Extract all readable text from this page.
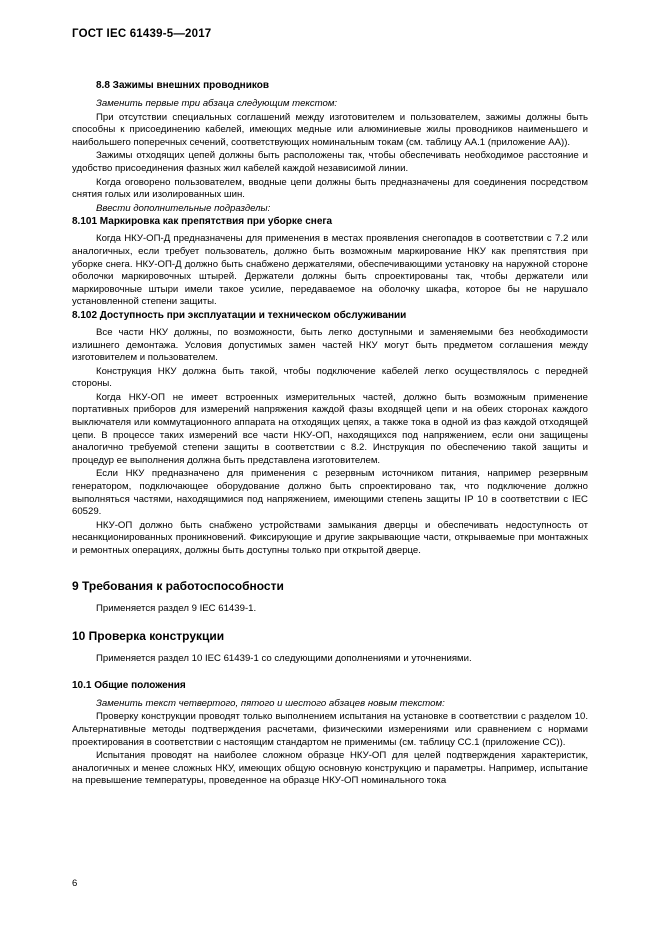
ГОСТ IEC 61439-5—2017
8.8 Зажимы внешних проводников

Заменить первые три абзаца следующим текстом:

При отсутствии специальных соглашений между изготовителем и пользователем, зажимы должны быть способны к присоединению кабелей, имеющих медные или алюминиевые жилы проводников наименьшего и наибольшего поперечных сечений, соответствующих номинальным токам (см. таблицу АА.1 (приложение АА)).

Зажимы отходящих цепей должны быть расположены так, чтобы обеспечивать необходимое расстояние и удобство присоединения фазных жил кабелей каждой независимой линии.

Когда оговорено пользователем, вводные цепи должны быть предназначены для соединения посредством снятия голых или изолированных шин.

Ввести дополнительные подразделы:

8.101 Маркировка как препятствия при уборке снега

Когда НКУ-ОП-Д предназначены для применения в местах проявления снегопадов в соответствии с 7.2 или аналогичных, если требует пользователь, должно быть возможным маркирование НКУ как препятствия при уборке снега. НКУ-ОП-Д должно быть снабжено держателями, обеспечивающими установку на наружной стороне оболочки маркировочных штырей. Держатели должны быть спроектированы так, чтобы держатели или маркировочные штыри имели такое усилие, передаваемое на оболочку шкафа, которое бы не нарушало установленной степени защиты.

8.102 Доступность при эксплуатации и техническом обслуживании

Все части НКУ должны, по возможности, быть легко доступными и заменяемыми без необходимости излишнего демонтажа. Условия допустимых замен частей НКУ могут быть предметом соглашения между изготовителем и пользователем.

Конструкция НКУ должна быть такой, чтобы подключение кабелей легко осуществлялось с передней стороны.

Когда НКУ-ОП не имеет встроенных измерительных частей, должно быть возможным применение портативных приборов для измерений напряжения каждой фазы входящей цепи и на обеих сторонах каждого выключателя или коммутационного аппарата на отходящих цепях, а также тока в одной из фаз каждой отходящей цепи. В процессе таких измерений все части НКУ-ОП, находящихся под напряжением, если они защищены аналогично требуемой степени защиты в соответствии с 8.2. Инструкция по обеспечению такой защиты и процедур ее выполнения должна быть представлена изготовителем.

Если НКУ предназначено для применения с резервным источником питания, например резервным генератором, подключающее оборудование должно быть спроектировано так, что подключение должно выполняться частями, находящимися под напряжением, имеющими степень защиты IP 10 в соответствии с IEC 60529.

НКУ-ОП должно быть снабжено устройствами замыкания дверцы и обеспечивать недоступность от несанкционированных проникновений. Фиксирующие и другие закрывающие части, открываемые при монтажных и ремонтных операциях, должны быть доступны только при открытой дверце.

9 Требования к работоспособности

Применяется раздел 9 IEC 61439-1.

10 Проверка конструкции

Применяется раздел 10 IEC 61439-1 со следующими дополнениями и уточнениями.

10.1 Общие положения

Заменить текст четвертого, пятого и шестого абзацев новым текстом:

Проверку конструкции проводят только выполнением испытания на установке в соответствии с разделом 10. Альтернативные методы подтверждения расчетами, физическими измерениями или сравнением с нормами проектирования в соответствии с настоящим стандартом не применимы (см. таблицу СС.1 (приложение СС)).

Испытания проводят на наиболее сложном образце НКУ-ОП для целей подтверждения характеристик, аналогичных и менее сложных НКУ, имеющих общую основную конструкцию и параметры. Например, испытание на превышение температуры, проведенное на образце НКУ-ОП номинального тока

6
